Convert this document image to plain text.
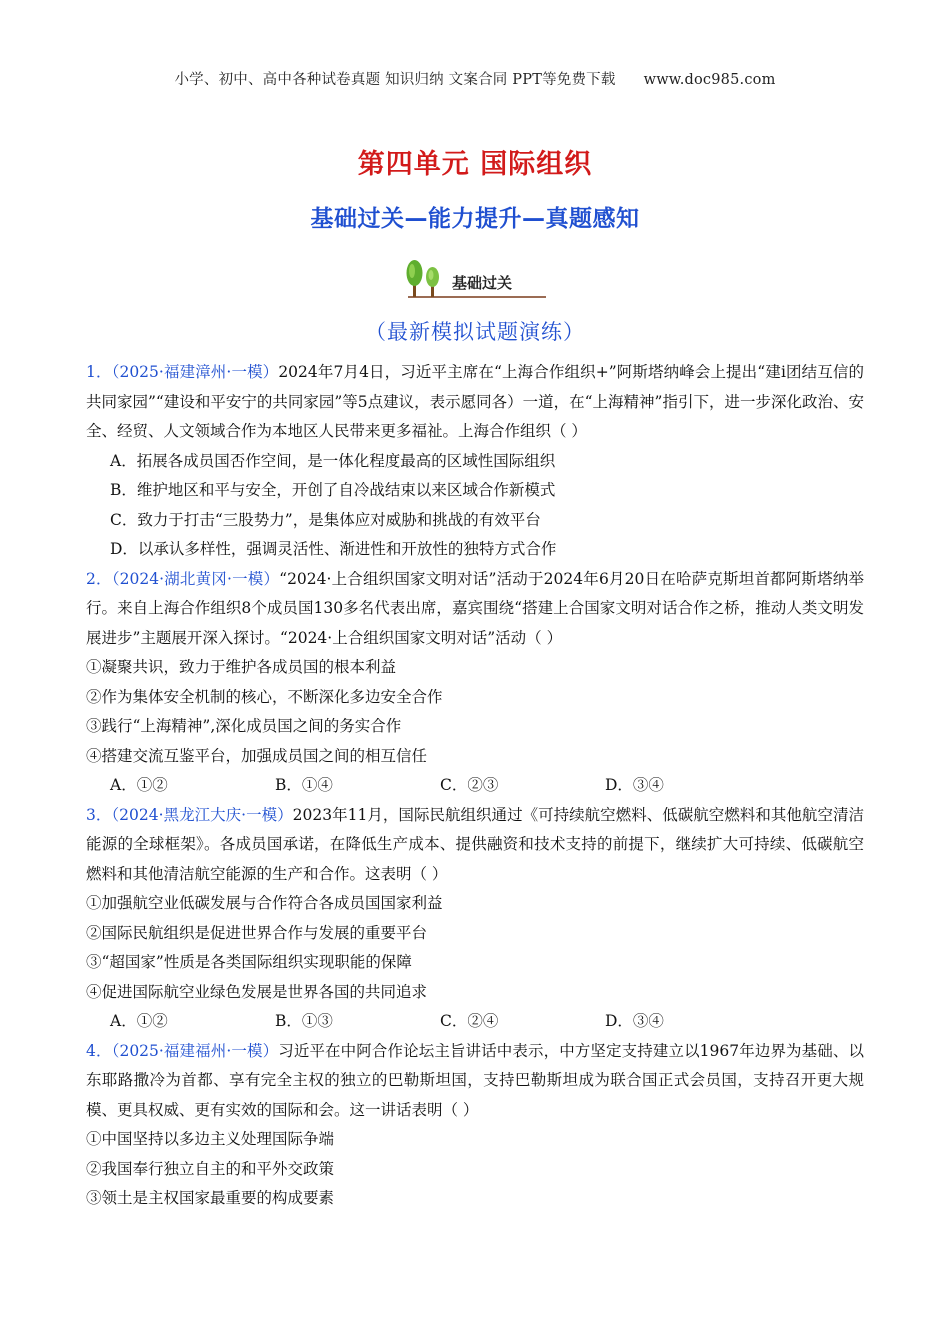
小学、初中、高中各种试卷真题 知识归纳 文案合同 PPT等免费下载 www.doc985.com
第四单元 国际组织
基础过关—能力提升—真题感知
基础过关
（最新模拟试题演练）

1．（2025·福建漳州·一模）2024年7月4日，习近平主席在“上海合作组织+”阿斯塔纳峰会上提出“建i团结互信的共同家园”“建设和平安宁的共同家园”等5点建议，表示愿同各）一道，在“上海精神”指引下，进一步深化政治、安全、经贸、人文领域合作为本地区人民带来更多福祉。上海合作组织（ ）

A．拓展各成员国否作空间，是一体化程度最高的区域性国际组织

B．维护地区和平与安全，开创了自冷战结束以来区域合作新模式

C．致力于打击“三股势力”，是集体应对威胁和挑战的有效平台

D．以承认多样性，强调灵活性、渐进性和开放性的独特方式合作

2．（2024·湖北黄冈·一模）“2024·上合组织国家文明对话”活动于2024年6月20日在哈萨克斯坦首都阿斯塔纳举行。来自上海合作组织8个成员国130多名代表出席，嘉宾围绕“搭建上合国家文明对话合作之桥，推动人类文明发展进步”主题展开深入探讨。“2024·上合组织国家文明对话”活动（ ）

①凝聚共识，致力于维护各成员国的根本利益

②作为集体安全机制的核心，不断深化多边安全合作

③践行“上海精神”,深化成员国之间的务实合作

④搭建交流互鉴平台，加强成员国之间的相互信任

A．①②	B．①④	C．②③	D．③④

3．（2024·黑龙江大庆·一模）2023年11月，国际民航组织通过《可持续航空燃料、低碳航空燃料和其他航空清洁能源的全球框架》。各成员国承诺，在降低生产成本、提供融资和技术支持的前提下，继续扩大可持续、低碳航空燃料和其他清洁航空能源的生产和合作。这表明（ ）

①加强航空业低碳发展与合作符合各成员国国家利益

②国际民航组织是促进世界合作与发展的重要平台

③“超国家”性质是各类国际组织实现职能的保障

④促进国际航空业绿色发展是世界各国的共同追求

A．①②	B．①③	C．②④	D．③④

4．（2025·福建福州·一模）习近平在中阿合作论坛主旨讲话中表示，中方坚定支持建立以1967年边界为基础、以东耶路撒冷为首都、享有完全主权的独立的巴勒斯坦国，支持巴勒斯坦成为联合国正式会员国，支持召开更大规模、更具权威、更有实效的国际和会。这一讲话表明（ ）

①中国坚持以多边主义处理国际争端

②我国奉行独立自主的和平外交政策

③领土是主权国家最重要的构成要素
